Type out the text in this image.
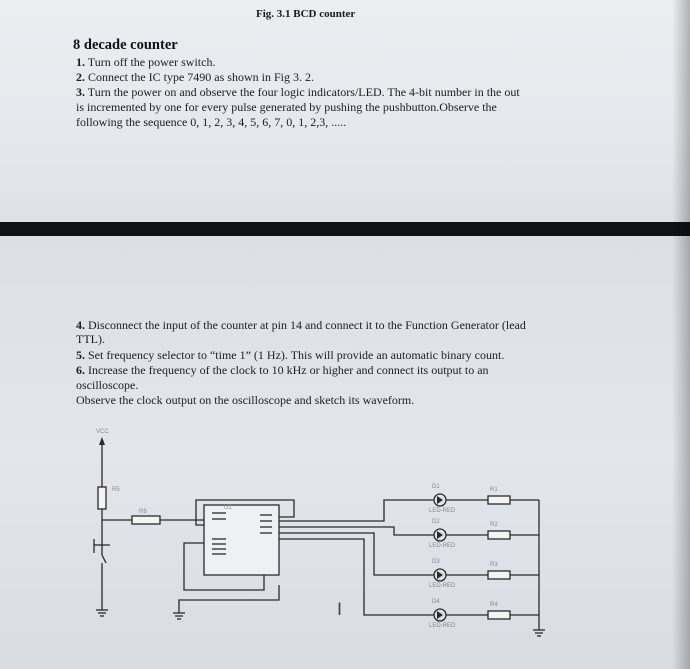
Fig. 3.1 BCD counter
8 decade counter
1. Turn off the power switch.
2. Connect the IC type 7490 as shown in Fig 3. 2.
3. Turn the power on and observe the four logic indicators/LED. The 4-bit number in the out
is incremented by one for every pulse generated by pushing the pushbutton.Observe the
following the sequence 0, 1, 2, 3, 4, 5, 6, 7, 0, 1, 2,3, .....
4. Disconnect the input of the counter at pin 14 and connect it to the Function Generator (lead
TTL).
5. Set frequency selector to “time 1” (1 Hz). This will provide an automatic binary count.
6. Increase the frequency of the clock to 10 kHz or higher and connect its output to an
oscilloscope.
Observe the clock output on the oscilloscope and sketch its waveform.
VCC
R5
R6
U1
D1
D2
D3
D4
LED-RED
LED-RED
LED-RED
LED-RED
R1
R2
R3
R4
I
